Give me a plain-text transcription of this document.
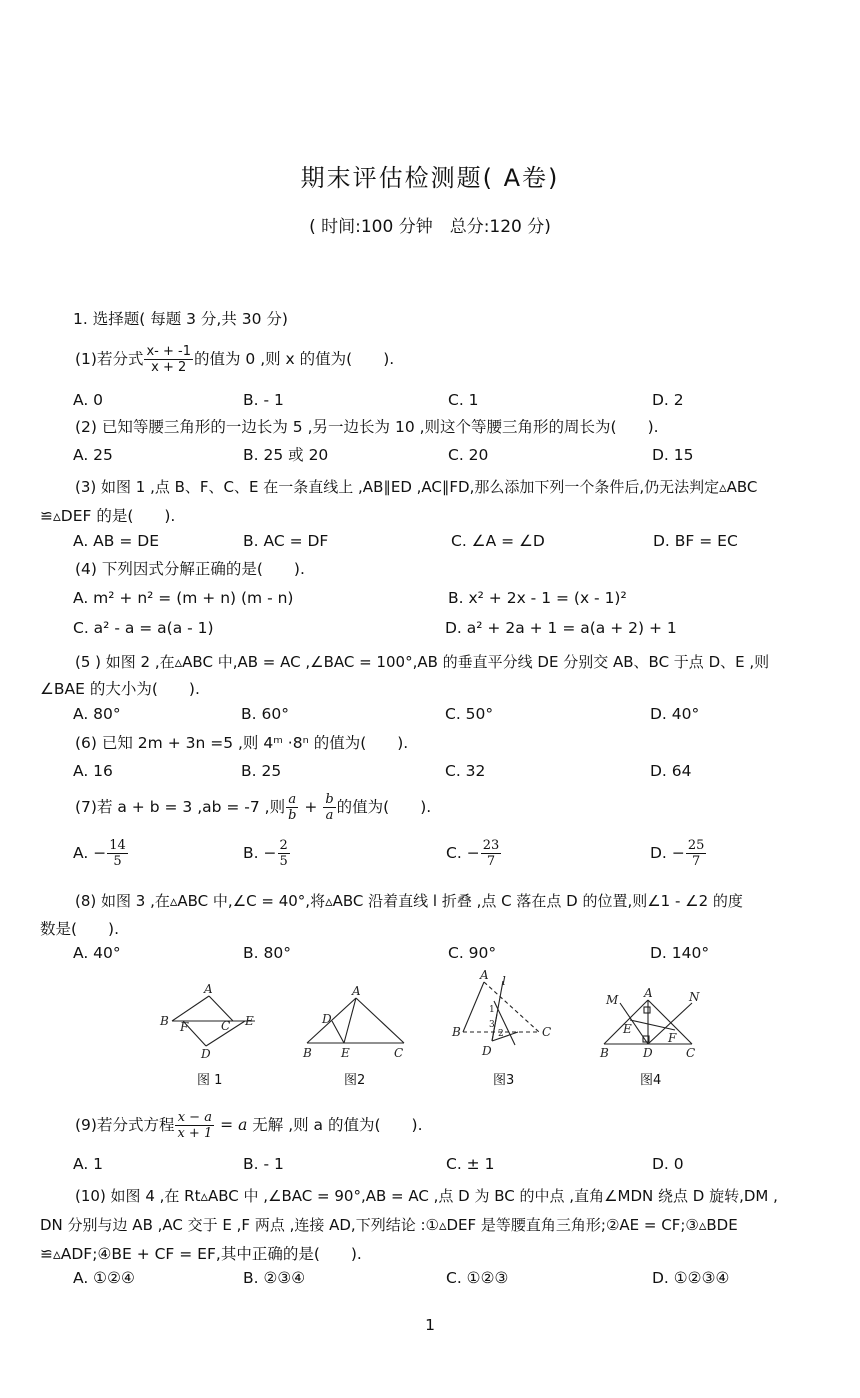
期末评估检测题( A卷)
( 时间:100 分钟　总分:120 分)
1. 选择题( 每题 3 分,共 30 分)
(1)若分式 $\frac{x- + -1}{x + 2}$ 的值为 0 ,则 x 的值为(　　).
A. 0	B. - 1	C. 1	D. 2
(2) 已知等腰三角形的一边长为 5 ,另一边长为 10 ,则这个等腰三角形的周长为(　　).
A. 25	B. 25 或 20	C. 20	D. 15
(3) 如图 1 ,点 B、F、C、E 在一条直线上 ,AB∥ED ,AC∥FD,那么添加下列一个条件后,仍无法判定▵ABC
≌▵DEF 的是(　　).
A. AB = DE	B. AC = DF	C. ∠A = ∠D	D. BF = EC
(4) 下列因式分解正确的是(　　).
A. m² + n² = (m + n) (m - n)	B. x² + 2x - 1 = (x - 1)²
C. a² - a = a(a - 1)	D. a² + 2a + 1 = a(a + 2) + 1
(5 ) 如图 2 ,在▵ABC 中,AB = AC ,∠BAC = 100°,AB 的垂直平分线 DE 分别交 AB、BC 于点 D、E ,则
∠BAE 的大小为(　　).
A. 80°	B. 60°	C. 50°	D. 40°
(6) 已知 2m + 3n =5 ,则 4ᵐ ·8ⁿ 的值为(　　).
A. 16	B. 25	C. 32	D. 64
(7)若 a + b = 3 ,ab = -7 ,则 $\frac{a}{b} + \frac{b}{a}$ 的值为(　　).
A. − $\frac{14}{5}$	B. − $\frac{2}{5}$	C. − $\frac{23}{7}$	D. − $\frac{25}{7}$
(8) 如图 3 ,在▵ABC 中,∠C = 40°,将▵ABC 沿着直线 l 折叠 ,点 C 落在点 D 的位置,则∠1 - ∠2 的度
数是(　　).
A. 40°	B. 80°	C. 90°	D. 140°
A
B F	C E
D
A
D
B E	C
A l
1
3
2
B
D
C
M A	N
E
F
B	D	C
图 1	图2	图3	图4
(9)若分式方程 $\frac{x - a}{x + 1} = a$ 无解 ,则 a 的值为(　　).
A. 1	B. - 1	C. ± 1	D. 0
(10) 如图 4 ,在 Rt▵ABC 中 ,∠BAC = 90°,AB = AC ,点 D 为 BC 的中点 ,直角∠MDN 绕点 D 旋转,DM ,
DN 分别与边 AB ,AC 交于 E ,F 两点 ,连接 AD,下列结论 :①▵DEF 是等腰直角三角形;②AE = CF;③▵BDE
≌▵ADF;④BE + CF = EF,其中正确的是(　　).
A. ①②④	B. ②③④	C. ①②③	D. ①②③④
1
